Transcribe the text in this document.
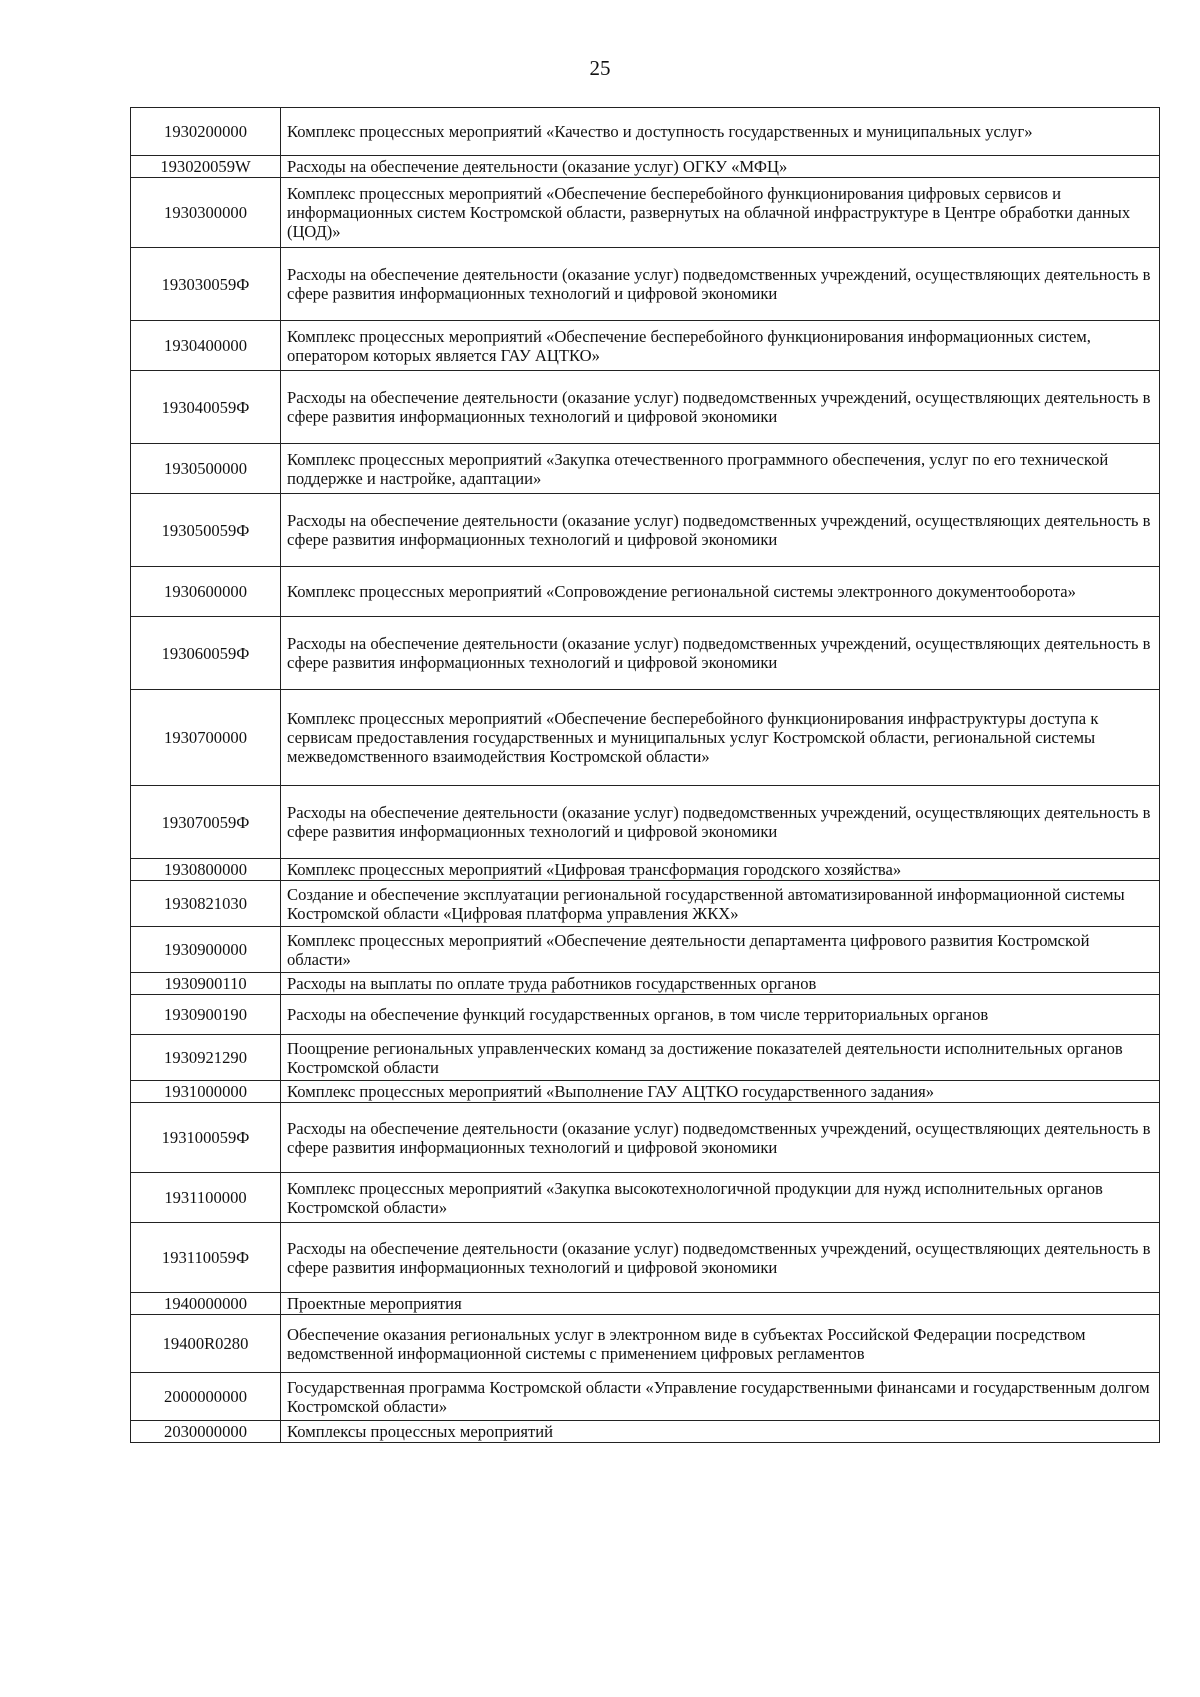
25
1930200000	Комплекс процессных мероприятий «Качество и доступность государственных и муниципальных услуг»
193020059W	Расходы на обеспечение деятельности (оказание услуг) ОГКУ «МФЦ»
1930300000	Комплекс процессных мероприятий «Обеспечение бесперебойного функционирования цифровых сервисов и информационных систем Костромской области, развернутых на облачной инфраструктуре в Центре обработки данных (ЦОД)»
193030059Ф	Расходы на обеспечение деятельности (оказание услуг) подведомственных учреждений, осуществляющих деятельность в сфере развития информационных технологий и цифровой экономики
1930400000	Комплекс процессных мероприятий «Обеспечение бесперебойного функционирования информационных систем, оператором которых является ГАУ АЦТКО»
193040059Ф	Расходы на обеспечение деятельности (оказание услуг) подведомственных учреждений, осуществляющих деятельность в сфере развития информационных технологий и цифровой экономики
1930500000	Комплекс процессных мероприятий «Закупка отечественного программного обеспечения, услуг по его технической поддержке и настройке, адаптации»
193050059Ф	Расходы на обеспечение деятельности (оказание услуг) подведомственных учреждений, осуществляющих деятельность в сфере развития информационных технологий и цифровой экономики
1930600000	Комплекс процессных мероприятий «Сопровождение региональной системы электронного документооборота»
193060059Ф	Расходы на обеспечение деятельности (оказание услуг) подведомственных учреждений, осуществляющих деятельность в сфере развития информационных технологий и цифровой экономики
1930700000	Комплекс процессных мероприятий «Обеспечение бесперебойного функционирования инфраструктуры доступа к сервисам предоставления государственных и муниципальных услуг Костромской области, региональной системы межведомственного взаимодействия Костромской области»
193070059Ф	Расходы на обеспечение деятельности (оказание услуг) подведомственных учреждений, осуществляющих деятельность в сфере развития информационных технологий и цифровой экономики
1930800000	Комплекс процессных мероприятий «Цифровая трансформация городского хозяйства»
1930821030	Создание и обеспечение эксплуатации региональной государственной автоматизированной информационной системы Костромской области «Цифровая платформа управления ЖКХ»
1930900000	Комплекс процессных мероприятий «Обеспечение деятельности департамента цифрового развития Костромской области»
1930900110	Расходы на выплаты по оплате труда работников государственных органов
1930900190	Расходы на обеспечение функций государственных органов, в том числе территориальных органов
1930921290	Поощрение региональных управленческих команд за достижение показателей деятельности исполнительных органов Костромской области
1931000000	Комплекс процессных мероприятий «Выполнение ГАУ АЦТКО государственного задания»
193100059Ф	Расходы на обеспечение деятельности (оказание услуг) подведомственных учреждений, осуществляющих деятельность в сфере развития информационных технологий и цифровой экономики
1931100000	Комплекс процессных мероприятий «Закупка высокотехнологичной продукции для нужд исполнительных органов Костромской области»
193110059Ф	Расходы на обеспечение деятельности (оказание услуг) подведомственных учреждений, осуществляющих деятельность в сфере развития информационных технологий и цифровой экономики
1940000000	Проектные мероприятия
19400R0280	Обеспечение оказания региональных услуг в электронном виде в субъектах Российской Федерации посредством ведомственной информационной системы с применением цифровых регламентов
2000000000	Государственная программа Костромской области «Управление государственными финансами и государственным долгом Костромской области»
2030000000	Комплексы процессных мероприятий
